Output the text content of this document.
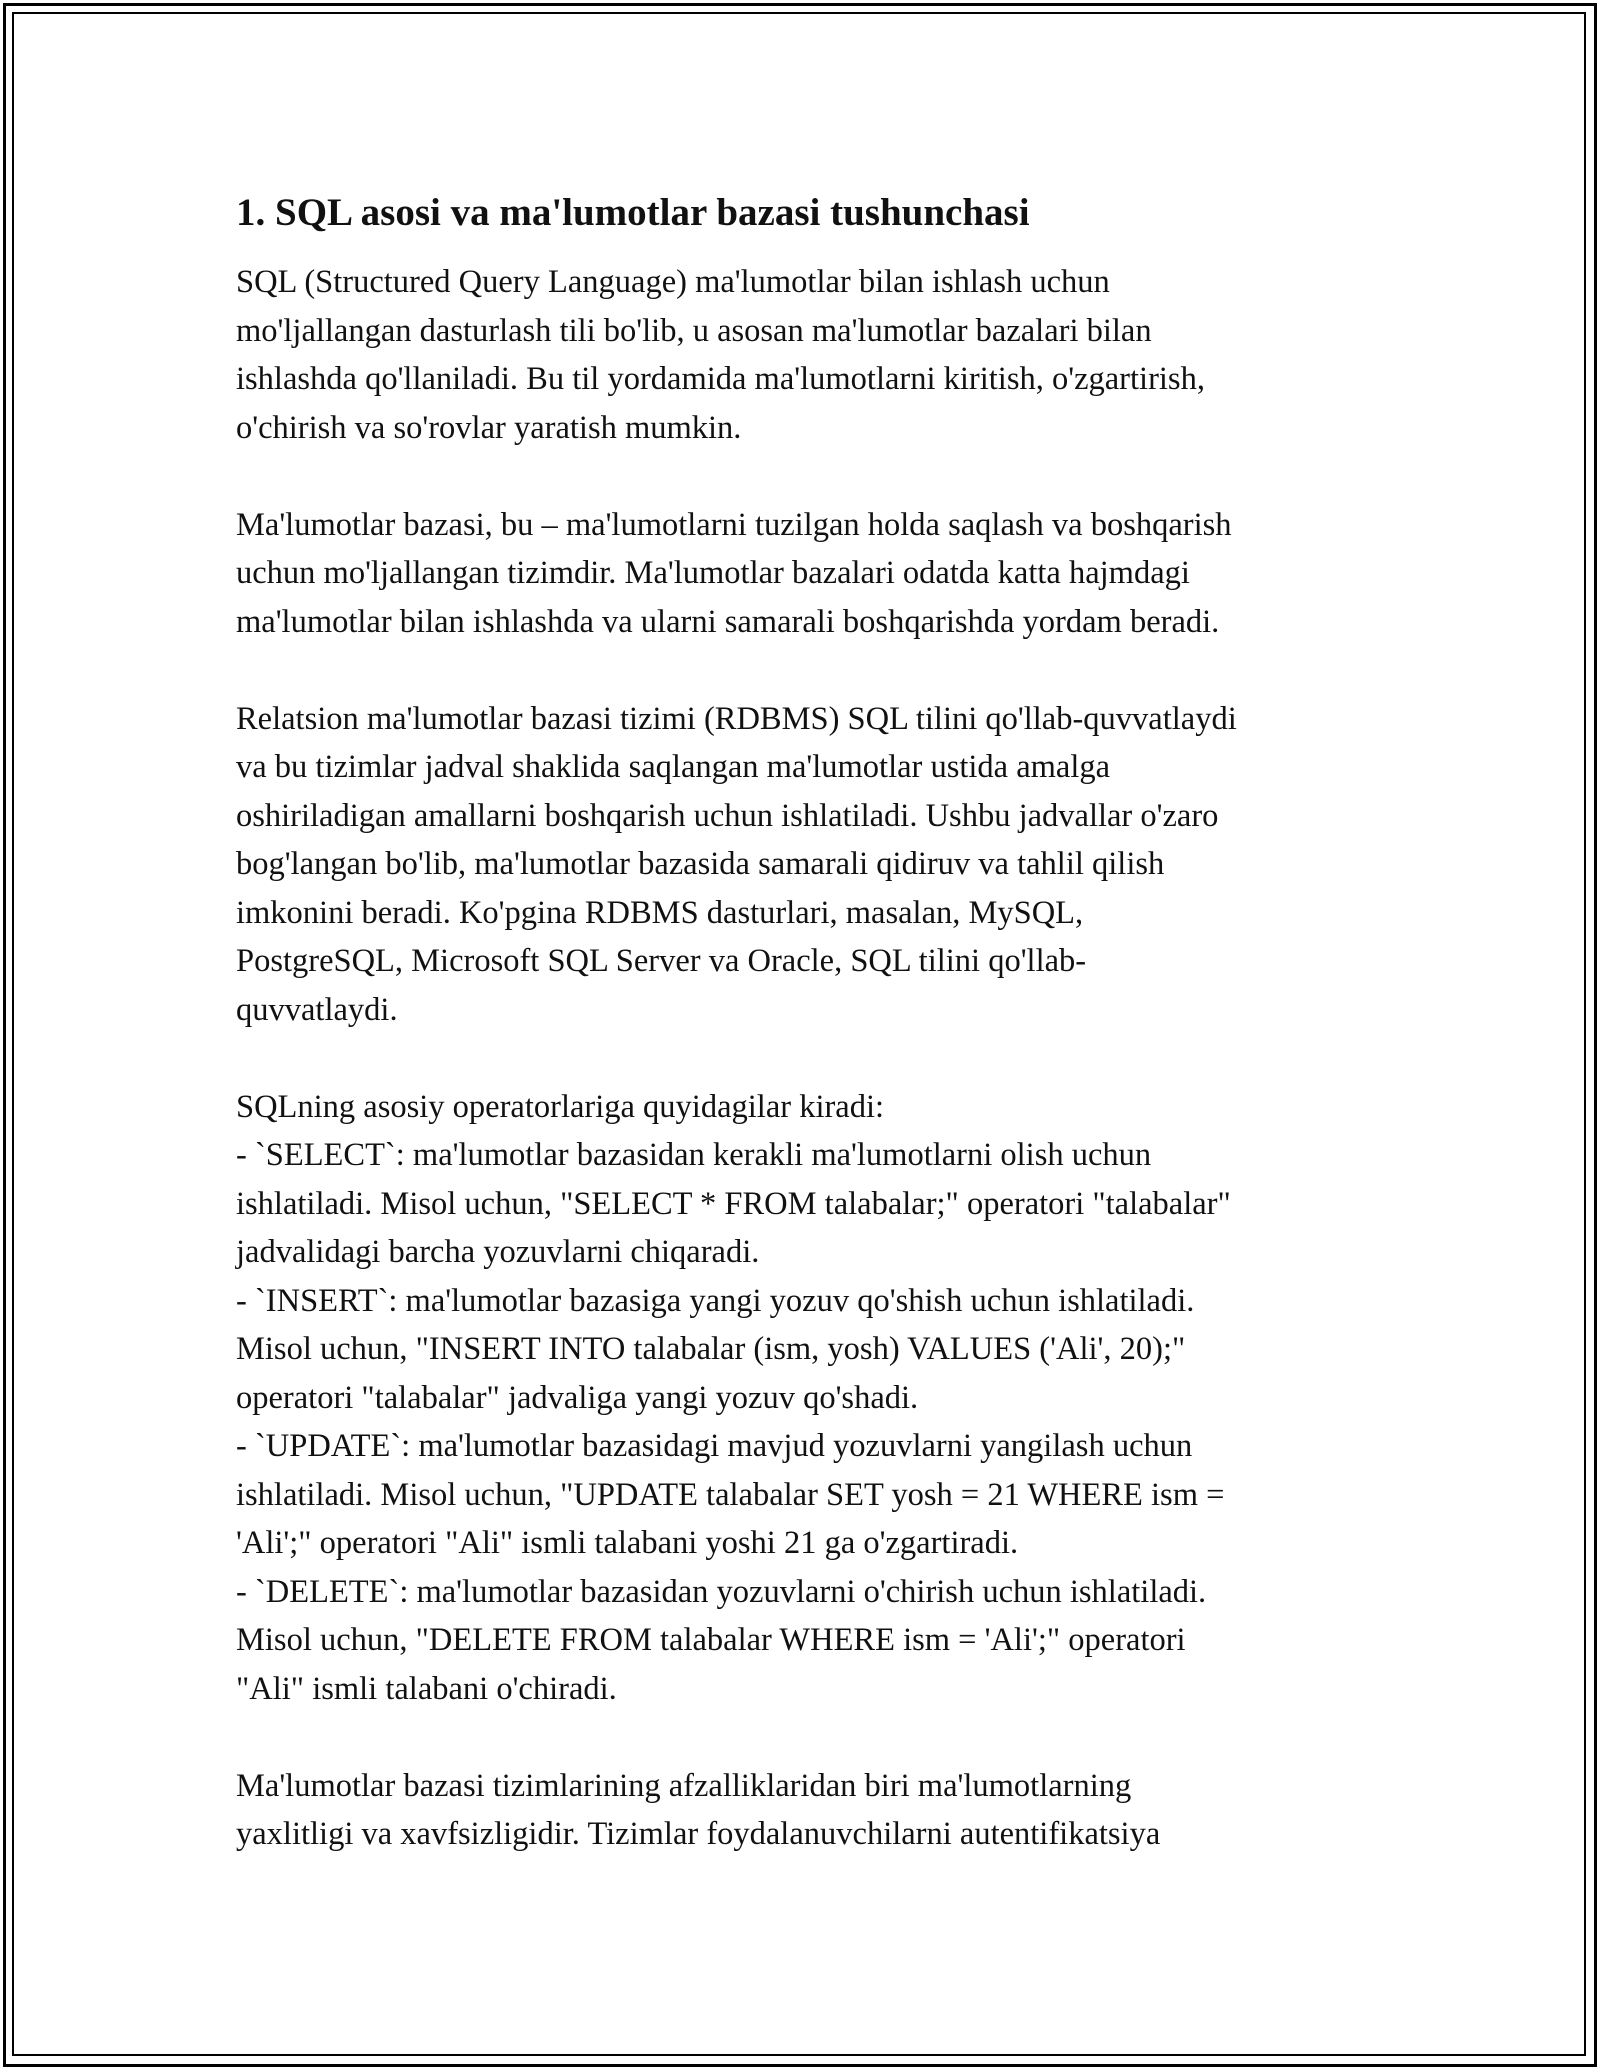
1. SQL asosi va ma'lumotlar bazasi tushunchasi
SQL (Structured Query Language) ma'lumotlar bilan ishlash uchun
mo'ljallangan dasturlash tili bo'lib, u asosan ma'lumotlar bazalari bilan
ishlashda qo'llaniladi. Bu til yordamida ma'lumotlarni kiritish, o'zgartirish,
o'chirish va so'rovlar yaratish mumkin.
Ma'lumotlar bazasi, bu – ma'lumotlarni tuzilgan holda saqlash va boshqarish
uchun mo'ljallangan tizimdir. Ma'lumotlar bazalari odatda katta hajmdagi
ma'lumotlar bilan ishlashda va ularni samarali boshqarishda yordam beradi.
Relatsion ma'lumotlar bazasi tizimi (RDBMS) SQL tilini qo'llab-quvvatlaydi
va bu tizimlar jadval shaklida saqlangan ma'lumotlar ustida amalga
oshiriladigan amallarni boshqarish uchun ishlatiladi. Ushbu jadvallar o'zaro
bog'langan bo'lib, ma'lumotlar bazasida samarali qidiruv va tahlil qilish
imkonini beradi. Ko'pgina RDBMS dasturlari, masalan, MySQL,
PostgreSQL, Microsoft SQL Server va Oracle, SQL tilini qo'llab-
quvvatlaydi.
SQLning asosiy operatorlariga quyidagilar kiradi:
- `SELECT`: ma'lumotlar bazasidan kerakli ma'lumotlarni olish uchun
ishlatiladi. Misol uchun, "SELECT * FROM talabalar;" operatori "talabalar"
jadvalidagi barcha yozuvlarni chiqaradi.
- `INSERT`: ma'lumotlar bazasiga yangi yozuv qo'shish uchun ishlatiladi.
Misol uchun, "INSERT INTO talabalar (ism, yosh) VALUES ('Ali', 20);"
operatori "talabalar" jadvaliga yangi yozuv qo'shadi.
- `UPDATE`: ma'lumotlar bazasidagi mavjud yozuvlarni yangilash uchun
ishlatiladi. Misol uchun, "UPDATE talabalar SET yosh = 21 WHERE ism =
'Ali';" operatori "Ali" ismli talabani yoshi 21 ga o'zgartiradi.
- `DELETE`: ma'lumotlar bazasidan yozuvlarni o'chirish uchun ishlatiladi.
Misol uchun, "DELETE FROM talabalar WHERE ism = 'Ali';" operatori
"Ali" ismli talabani o'chiradi.
Ma'lumotlar bazasi tizimlarining afzalliklaridan biri ma'lumotlarning
yaxlitligi va xavfsizligidir. Tizimlar foydalanuvchilarni autentifikatsiya
